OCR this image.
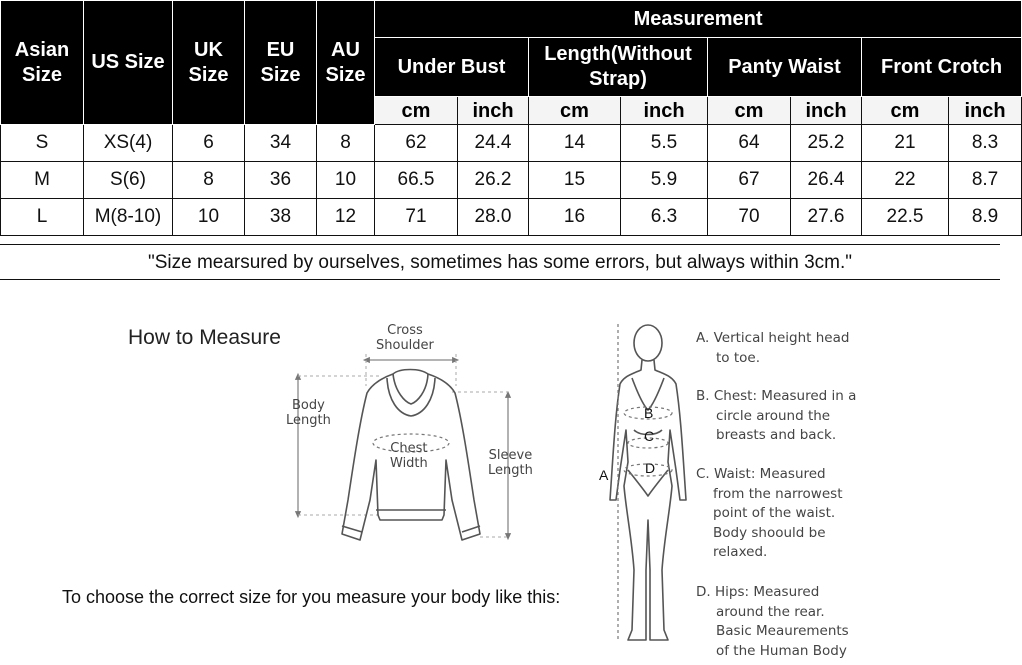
Asian Size	US Size	UK Size	EU Size	AU Size	Measurement							
					Under Bust		Length(Without Strap)		Panty Waist		Front Crotch	
					cm	inch	cm	inch	cm	inch	cm	inch
S	XS(4)	6	34	8	62	24.4	14	5.5	64	25.2	21	8.3
M	S(6)	8	36	10	66.5	26.2	15	5.9	67	26.4	22	8.7
L	M(8-10)	10	38	12	71	28.0	16	6.3	70	27.6	22.5	8.9
"Size mearsured by ourselves, sometimes has some errors, but always within 3cm."
How to Measure
To choose the correct size for you measure your body like this:
B
C
D
A
Cross
Shoulder
Body
Length
Chest
Width
Sleeve
Length
A. Vertical height head
to toe.
B. Chest: Measured in a
circle around the
breasts and back.
C. Waist: Measured
from the narrowest
point of the waist.
Body shoould be
relaxed.
D. Hips: Measured
around the rear.
Basic Meaurements
of the Human Body
